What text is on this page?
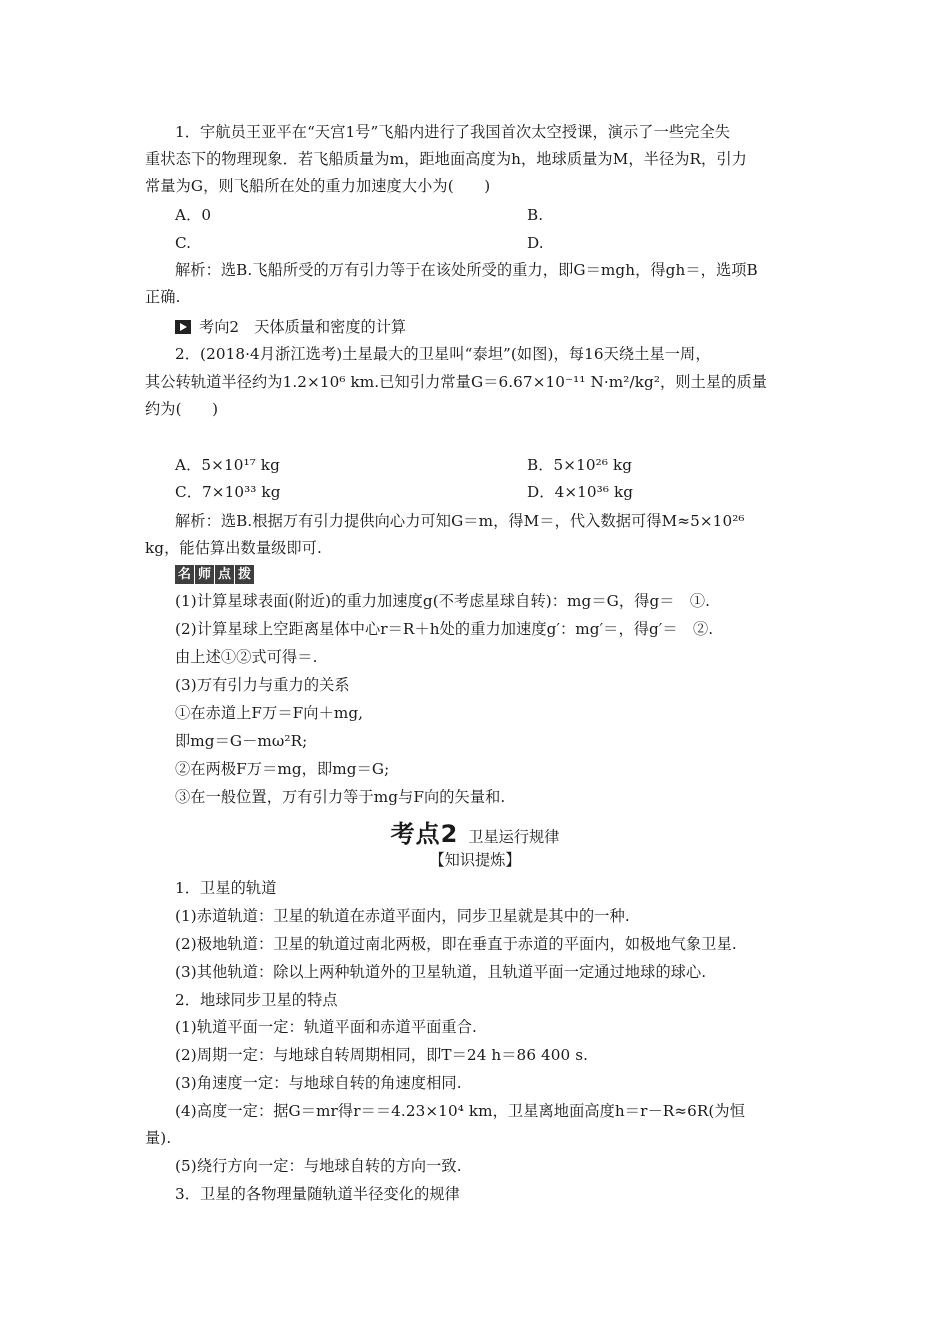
1．宇航员王亚平在“天宫1号”飞船内进行了我国首次太空授课，演示了一些完全失
重状态下的物理现象．若飞船质量为m，距地面高度为h，地球质量为M，半径为R，引力
常量为G，则飞船所在处的重力加速度大小为(　　)
A．0	B.
C.	D.
解析：选B.飞船所受的万有引力等于在该处所受的重力，即G＝mgh，得gh＝，选项B
正确.
考向2　天体质量和密度的计算
2．(2018·4月浙江选考)土星最大的卫星叫“泰坦”(如图)，每16天绕土星一周，
其公转轨道半径约为1.2×10⁶ km.已知引力常量G＝6.67×10⁻¹¹ N·m²/kg²，则土星的质量
约为(　　)
A．5×10¹⁷ kg	B．5×10²⁶ kg
C．7×10³³ kg	D．4×10³⁶ kg
解析：选B.根据万有引力提供向心力可知G＝m，得M＝，代入数据可得M≈5×10²⁶
kg，能估算出数量级即可.
名 师 点 拨
(1)计算星球表面(附近)的重力加速度g(不考虑星球自转)：mg＝G，得g＝　①.
(2)计算星球上空距离星体中心r＝R＋h处的重力加速度g′：mg′＝，得g′＝　②.
由上述①②式可得＝.
(3)万有引力与重力的关系
①在赤道上F万＝F向＋mg,
即mg＝G－mω²R;
②在两极F万＝mg，即mg＝G;
③在一般位置，万有引力等于mg与F向的矢量和.
考点2 卫星运行规律
【知识提炼】
1．卫星的轨道
(1)赤道轨道：卫星的轨道在赤道平面内，同步卫星就是其中的一种.
(2)极地轨道：卫星的轨道过南北两极，即在垂直于赤道的平面内，如极地气象卫星.
(3)其他轨道：除以上两种轨道外的卫星轨道，且轨道平面一定通过地球的球心.
2．地球同步卫星的特点
(1)轨道平面一定：轨道平面和赤道平面重合.
(2)周期一定：与地球自转周期相同，即T＝24 h＝86 400 s.
(3)角速度一定：与地球自转的角速度相同.
(4)高度一定：据G＝mr得r＝＝4.23×10⁴ km，卫星离地面高度h＝r－R≈6R(为恒
量).
(5)绕行方向一定：与地球自转的方向一致.
3．卫星的各物理量随轨道半径变化的规律
